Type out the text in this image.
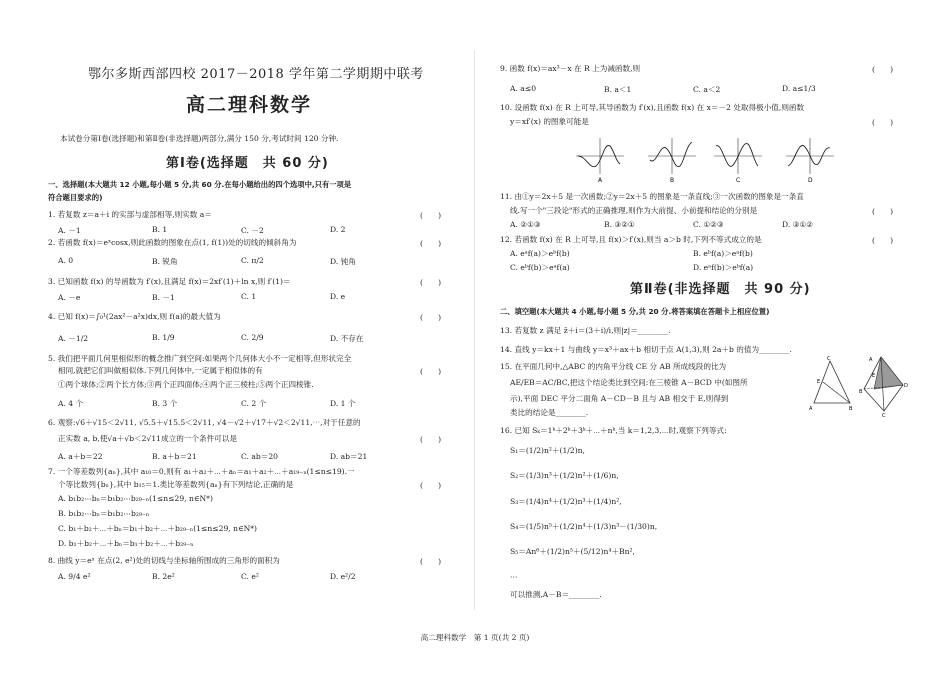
鄂尔多斯西部四校 2017－2018 学年第二学期期中联考
高二理科数学
本试卷分第Ⅰ卷(选择题)和第Ⅱ卷(非选择题)两部分,满分 150 分,考试时间 120 分钟.
第Ⅰ卷(选择题　共 60 分)
一、选择题(本大题共 12 小题,每小题 5 分,共 60 分.在每小题给出的四个选项中,只有一项是
符合题目要求的)
1. 若复数 z＝a＋i 的实部与虚部相等,则实数 a＝	(　　)
A. －1	B. 1	C. －2	D. 2
2. 若函数 f(x)＝eˣcosx,则此函数的图象在点(1, f(1))处的切线的倾斜角为	(　　)
A. 0	B. 锐角	C. π/2	D. 钝角
3. 已知函数 f(x) 的导函数为 f′(x),且满足 f(x)＝2xf′(1)＋ln x,则 f′(1)＝	(　　)
A. －e	B. －1	C. 1	D. e
4. 已知 f(x)＝∫₀¹(2ax²－a²x)dx,则 f(a)的最大值为	(　　)
A. －1/2	B. 1/9	C. 2/9	D. 不存在
5. 我们把平面几何里相似形的概念推广到空间:如果两个几何体大小不一定相等,但形状完全
相同,就把它们叫做相似体.下列几何体中,一定属于相似体的有
①两个球体;②两个长方体;③两个正四面体;④两个正三棱柱;⑤两个正四棱锥.
(　　)
A. 4 个	B. 3 个	C. 2 个	D. 1 个
6. 观察:√6＋√15＜2√11, √5.5＋√15.5＜2√11, √4－√2＋√17＋√2＜2√11,⋯,对于任意的
正实数 a, b,使√a＋√b＜2√11成立的一个条件可以是	(　　)
A. a＋b＝22	B. a＋b＝21	C. ab＝20	D. ab＝21
7. 一个等差数列{aₙ},其中 a₁₀＝0,则有 a₁＋a₂＋⋯＋aₙ＝a₁＋a₂＋⋯＋a₁₉₋ₙ(1≤n≤19).一
个等比数列{bₙ},其中 b₁₅＝1.类比等差数列{aₙ}有下列结论,正确的是	(　　)
A. b₁b₂⋯bₙ＝b₁b₂⋯b₂₉₋ₙ(1≤n≤29, n∈N*)
B. b₁b₂⋯bₙ＝b₁b₂⋯b₂₉₋ₙ
C. b₁＋b₂＋⋯＋bₙ＝b₁＋b₂＋⋯＋b₂₉₋ₙ(1≤n≤29, n∈N*)
D. b₁＋b₂＋⋯＋bₙ＝b₁＋b₂＋⋯＋b₂₉₋ₙ
8. 曲线 y＝eˣ 在点(2, e²)处的切线与坐标轴所围成的三角形的面积为	(　　)
A. 9/4 e²	B. 2e²	C. e²	D. e²/2
9. 函数 f(x)＝ax³－x 在 R 上为减函数,则	(　　)
A. a≤0	B. a＜1	C. a＜2	D. a≤1/3
10. 设函数 f(x) 在 R 上可导,其导函数为 f′(x),且函数 f(x) 在 x＝－2 处取得极小值,则函数
y＝xf′(x) 的图象可能是	(　　)
A	B	C	D
11. 由①y＝2x＋5 是一次函数;②y＝2x＋5 的图象是一条直线;③一次函数的图象是一条直
线.写一个"三段论"形式的正确推理,则作为大前提、小前提和结论的分别是	(　　)
A. ②①③	B. ③②①	C. ①②③	D. ③①②
12. 若函数 f(x) 在 R 上可导,且 f(x)＞f′(x),则当 a＞b 时,下列不等式成立的是	(　　)
A. eᵃf(a)＞eᵇf(b)	B. eᵇf(a)＞eᵃf(b)
C. eᵇf(b)＞eᵃf(a)	D. eᵃf(b)＞eᵇf(a)
第Ⅱ卷(非选择题　共 90 分)
二、填空题(本大题共 4 小题,每小题 5 分,共 20 分.将答案填在答题卡上相应位置)
13. 若复数 z 满足 z̄＋i＝(3＋i)/i,则|z|＝________.
14. 直线 y＝kx＋1 与曲线 y＝x³＋ax＋b 相切于点 A(1,3),则 2a＋b 的值为________.
15. 在平面几何中,△ABC 的内角平分线 CE 分 AB 所成线段的比为
AE/EB＝AC/BC,把这个结论类比到空间:在三棱锥 A－BCD 中(如图所
示),平面 DEC 平分二面角 A－CD－B 且与 AB 相交于 E,则得到
类比的结论是________.
C
A	B
E
A
B
C
D
E
16. 已知 Sₖ＝1ᵏ＋2ᵏ＋3ᵏ＋⋯＋nᵏ,当 k＝1,2,3,⋯时,观察下列等式:
S₁＝(1/2)n²＋(1/2)n,
S₂＝(1/3)n³＋(1/2)n²＋(1/6)n,
S₃＝(1/4)n⁴＋(1/2)n³＋(1/4)n²,
S₄＝(1/5)n⁵＋(1/2)n⁴＋(1/3)n³－(1/30)n,
S₅＝An⁶＋(1/2)n⁵＋(5/12)n⁴＋Bn²,
⋯
可以推测,A－B＝________.
高二理科数学　第 1 页(共 2 页)
